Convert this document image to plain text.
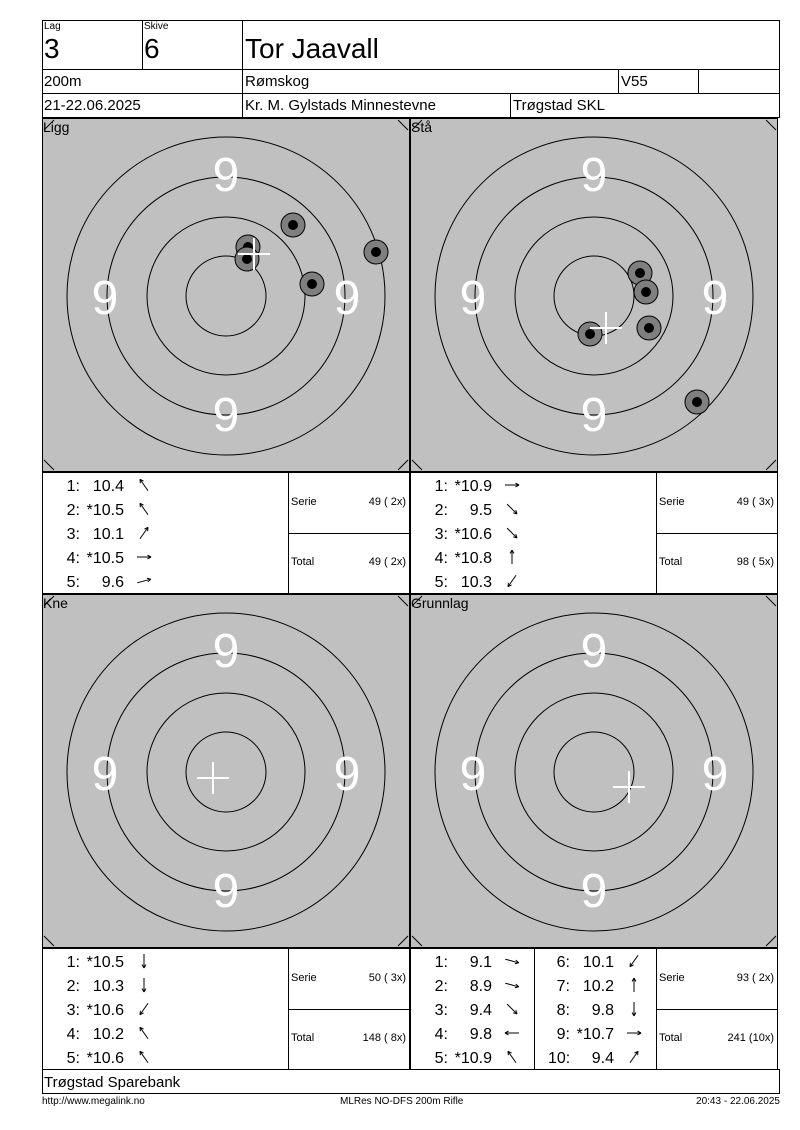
Lag
3
Skive
6	Tor Jaavall
200m	Rømskog	V55
21-22.06.2025	Kr. M. Gylstads Minnestevne	Trøgstad SKL
9
9
9	9
Ligg
1: 10.4
2: *10.5
3: 10.1
4: *10.5
5:	9.6
Serie	49 ( 2x)
Total	49 ( 2x)
9
9
9	9
Stå
1: *10.9
2:	9.5
3: *10.6
4: *10.8
5: 10.3
Serie	49 ( 3x)
Total	98 ( 5x)
9
9
9	9
Kne
1: *10.5
2: 10.3
3: *10.6
4: 10.2
5: *10.6
Serie	50 ( 3x)
Total	148 ( 8x)
9
9
9	9
Grunnlag
1:	9.1
2:	8.9
3:	9.4
4:	9.8
5: *10.9
6: 10.1
7: 10.2
8:	9.8
9: *10.7
10:	9.4
Serie	93 ( 2x)
Total	241 (10x)
Trøgstad Sparebank
http://www.megalink.no	MLRes NO-DFS 200m Rifle	20:43 - 22.06.2025
